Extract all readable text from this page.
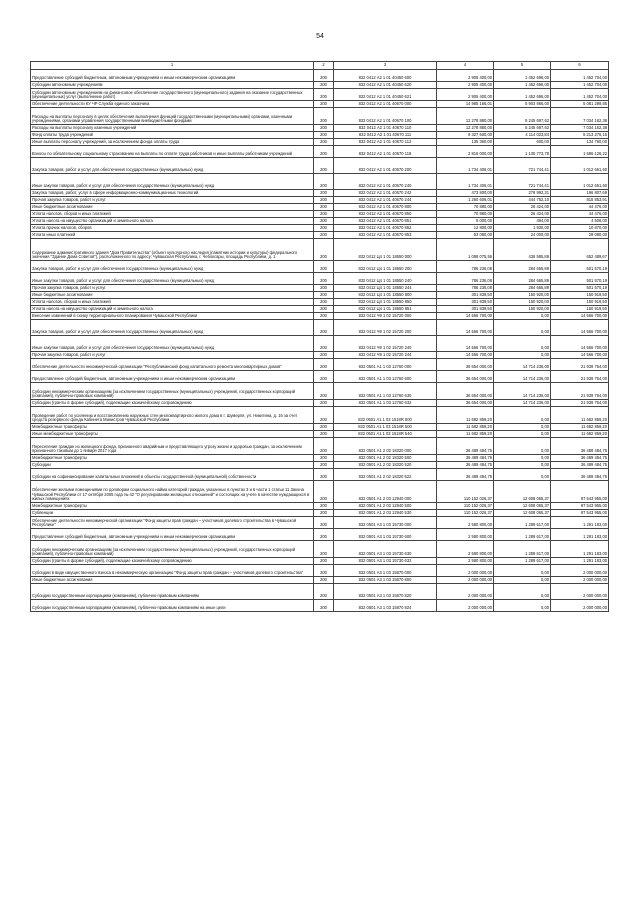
54
1	2	3	4	5	6
Предоставление субсидий бюджетным, автономным учреждениям и иным некоммерческим организациям	200	832 0412 А2 1 01 40450 600	2 905 400,00	1 452 696,00	1 452 704,00
Субсидии автономным учреждениям	200	832 0412 А2 1 01 40450 620	2 905 400,00	1 452 696,00	1 452 704,00
Субсидии автономным учреждениям на финансовое обеспечение государственного (муниципального) задания на оказание государственных (муниципальных) услуг (выполнение работ)	200	832 0412 А2 1 01 40450 621	2 905 400,00	1 452 696,00	1 452 704,00
Обеспечение деятельности КУ ЧР Служба единого заказчика	200	832 0412 А2 1 01 40670 000	14 985 166,01	5 903 866,00	5 081 299,85
Расходы на выплаты персоналу в целях обеспечения выполнения функций государственными (муниципальными) органами, казенными учреждениями, органами управления государственными внебюджетными фондами	200	832 0412 А2 1 01 40670 100	12 278 880,00	5 245 697,62	7 034 162,38
Расходы на выплаты персоналу казенных учреждений	200	832 0412 А2 1 01 40670 110	12 278 880,00	5 245 697,62	7 034 162,38
Фонд оплаты труда учреждений	200	832 0412 А2 1 01 40670 111	9 327 600,00	4 114 023,84	5 213 276,16
Иные выплаты персоналу учреждений, за исключением фонда оплаты труда	200	832 0412 А2 1 01 40670 112	135 360,00	600,00	134 760,00
Взносы по обязательному социальному страхованию на выплаты по оплате труда работников и иные выплаты работникам учреждений	200	832 0412 А2 1 01 40670 119	2 816 000,00	1 130 773,78	1 686 126,22
Закупка товаров, работ и услуг для обеспечения государственных (муниципальных) нужд	200	832 0412 А2 1 01 40670 200	1 734 406,01	721 744,41	1 012 661,60
Иные закупки товаров, работ и услуг для обеспечения государственных (муниципальных) нужд	200	832 0412 А2 1 01 40670 240	1 734 406,01	721 744,41	1 012 661,60
Закупка товаров, работ, услуг в сфере информационно-коммуникационных технологий	200	832 0412 А2 1 01 40670 242	473 800,00	276 992,31	196 807,69
Прочая закупка товаров, работ и услуг	200	832 0412 А2 1 01 40670 244	1 260 606,01	444 752,10	815 853,91
Иные бюджетные ассигнования	200	832 0412 А2 1 01 40670 800	70 880,00	26 424,00	44 476,00
Уплата налогов, сборов и иных платежей	200	832 0412 А2 1 01 40670 850	70 880,00	26 424,00	44 476,00
Уплата налога на имущество организаций и земельного налога	200	832 0412 А2 1 01 40670 851	5 000,00	494,00	4 506,00
Уплата прочих налогов, сборов	200	832 0412 А2 1 01 40670 852	12 800,00	1 930,00	10 870,00
Уплата иных платежей	200	832 0412 А2 1 01 40670 853	53 080,00	24 000,00	29 080,00
Содержание административного здания "Дом Правительства" (объект культурного наследия (памятник истории и культуры) федерального значения "Здание Дома Советов"), расположенного по адресу: Чувашская Республика, г. Чебоксары, площадь Республики, д. 1	200	832 0412 Ц4 1 01 18550 000	1 088 075,56	436 585,89	652 489,67
Закупка товаров, работ и услуг для обеспечения государственных (муниципальных) нужд	200	832 0412 Ц4 1 01 18550 200	786 236,08	284 665,89	501 570,19
Иные закупки товаров, работ и услуг для обеспечения государственных (муниципальных) нужд	200	832 0412 Ц4 1 01 18550 240	786 236,08	284 665,89	501 570,19
Прочая закупка товаров, работ и услуг	200	832 0412 Ц4 1 01 18550 244	786 236,08	284 665,89	501 570,19
Иные бюджетные ассигнования	200	832 0412 Ц4 1 01 18550 800	301 839,50	150 920,00	150 919,50
Уплата налогов, сборов и иных платежей	200	832 0412 Ц4 1 01 18550 850	301 839,50	150 920,00	150 919,50
Уплата налога на имущество организаций и земельного налога	200	832 0412 Ц4 1 01 18550 851	301 839,50	150 920,00	150 919,50
Внесение изменений в схему территориального планирования Чувашской Республики	200	832 0412 Ч9 1 02 15720 000	14 566 700,00	0,00	14 566 700,00
Закупка товаров, работ и услуг для обеспечения государственных (муниципальных) нужд	200	832 0412 Ч9 1 02 15720 200	14 566 700,00	0,00	14 566 700,00
Иные закупки товаров, работ и услуг для обеспечения государственных (муниципальных) нужд	200	832 0412 Ч9 1 02 15720 240	14 566 700,00	0,00	14 566 700,00
Прочая закупка товаров, работ и услуг	200	832 0412 Ч9 1 02 15720 244	14 566 700,00	0,00	14 566 700,00
Обеспечение деятельности некоммерческой организации "Республиканский фонд капитального ремонта многоквартирных домов"	200	832 0501 А1 1 03 12760 000	36 654 000,00	14 714 236,00	21 939 764,00
Предоставление субсидий бюджетным, автономным учреждениям и иным некоммерческим организациям	200	832 0501 А1 1 03 12760 600	36 654 000,00	14 714 236,00	21 939 764,00
Субсидии некоммерческим организациям (за исключением государственных (муниципальных) учреждений, государственных корпораций (компаний), публично-правовых компаний)	200	832 0501 А1 1 03 12760 630	36 654 000,00	14 714 236,00	21 939 764,00
Субсидии (гранты в форме субсидий), подлежащие казначейскому сопровождению	200	832 0501 А1 1 03 12760 632	36 654 000,00	14 714 236,00	21 939 764,00
Проведение работ по усилению и восстановлению наружных стен многоквартирного жилого дома в г. Шумерля, ул. Никитина, д. 16 за счет средств резервного фонда Кабинета Министров Чувашской Республики	200	832 0501 А1 1 03 1518R 000	11 682 859,20	0,00	11 682 859,20
Межбюджетные трансферты	200	832 0501 А1 1 03 1518R 500	11 682 859,20	0,00	11 682 859,20
Иные межбюджетные трансферты	200	832 0501 А1 1 03 1518R 540	11 682 859,20	0,00	11 682 859,20
Переселение граждан из жилищного фонда, признанного аварийным и представляющего угрозу жизни и здоровью граждан, за исключением признанного таковым до 1 января 2017 года	200	832 0501 А1 2 02 18320 000	36 489 484,75	0,00	36 489 484,75
Межбюджетные трансферты	200	832 0501 А1 2 02 18320 500	36 489 484,75	0,00	36 489 484,75
Субсидии	200	832 0501 А1 2 02 18320 520	36 489 484,75	0,00	36 489 484,75
Субсидии на софинансирование капитальных вложений в объекты государственной (муниципальной) собственности	200	832 0501 А1 2 02 18320 522	36 489 484,75	0,00	36 489 484,75
Обеспечение жилыми помещениями по договорам социального найма категорий граждан, указанных в пунктах 3 и 6 части 1 статьи 11 Закона Чувашской Республики от 17 октября 2005 года № 42 "О регулировании жилищных отношений" и состоящих на учете в качестве нуждающихся в жилых помещениях	200	832 0501 А1 2 03 12940 000	110 152 026,37	12 608 065,37	97 543 955,00
Межбюджетные трансферты	200	832 0501 А1 2 03 12940 500	110 152 026,37	12 608 065,37	97 543 955,00
Субвенции	200	832 0501 А1 2 03 12940 530	110 152 026,37	12 608 065,37	97 543 955,00
Обеспечение деятельности некоммерческой организации "Фонд защиты прав граждан – участников долевого строительства в Чувашской Республике"	200	832 0501 А3 1 03 15730 000	2 580 800,00	1 289 617,00	1 291 183,00
Предоставление субсидий бюджетным, автономным учреждениям и иным некоммерческим организациям	200	832 0501 А3 1 03 15730 600	2 580 800,00	1 289 617,00	1 291 183,00
Субсидии некоммерческим организациям (за исключением государственных (муниципальных) учреждений, государственных корпораций (компаний), публично-правовых компаний)	200	832 0501 А3 1 03 15730 630	2 580 800,00	1 289 617,00	1 291 183,00
Субсидии (гранты в форме субсидий), подлежащие казначейскому сопровождению	200	832 0501 А3 1 03 15730 632	2 580 800,00	1 289 617,00	1 291 183,00
Субсидии в виде имущественного взноса в некоммерческую организацию "Фонд защиты прав граждан – участников долевого строительства"	200	832 0501 А3 1 03 15870 000	2 000 000,00	0,00	2 000 000,00
Иные бюджетные ассигнования	200	832 0501 А3 1 03 15870 800	2 000 000,00	0,00	2 000 000,00
Субсидии государственным корпорациям (компаниям), публично-правовым компаниям	200	832 0501 А3 1 03 15870 820	2 000 000,00	0,00	2 000 000,00
Субсидии государственным корпорациям (компаниям), публично-правовым компаниям на иные цели	200	832 0501 А3 1 03 15870 824	2 000 000,00	0,00	2 000 000,00
